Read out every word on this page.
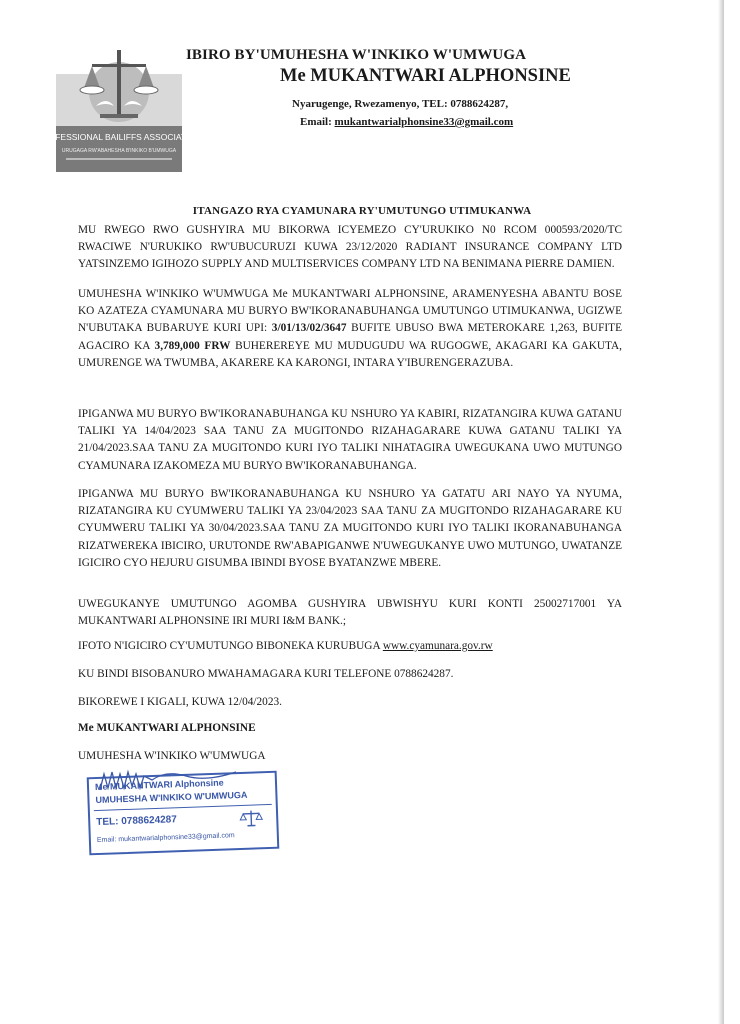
PROFESSIONAL BAILIFFS ASSOCIATION
URUGAGA RW'ABAHESHA B'INKIKO B'UMWUGA
IBIRO BY'UMUHESHA W'INKIKO W'UMWUGA
Me MUKANTWARI ALPHONSINE
Nyarugenge, Rwezamenyo, TEL: 0788624287,
Email: mukantwarialphonsine33@gmail.com
ITANGAZO RYA CYAMUNARA RY'UMUTUNGO UTIMUKANWA
MU RWEGO RWO GUSHYIRA MU BIKORWA ICYEMEZO CY'URUKIKO N0 RCOM 000593/2020/TC RWACIWE N'URUKIKO RW'UBUCURUZI KUWA 23/12/2020 RADIANT INSURANCE COMPANY LTD YATSINZEMO IGIHOZO SUPPLY AND MULTISERVICES COMPANY LTD NA BENIMANA PIERRE DAMIEN.
UMUHESHA W'INKIKO W'UMWUGA Me MUKANTWARI ALPHONSINE, ARAMENYESHA ABANTU BOSE KO AZATEZA CYAMUNARA MU BURYO BW'IKORANABUHANGA UMUTUNGO UTIMUKANWA, UGIZWE N'UBUTAKA BUBARUYE KURI UPI: 3/01/13/02/3647 BUFITE UBUSO BWA METEROKARE 1,263, BUFITE AGACIRO KA 3,789,000 FRW BUHEREREYE MU MUDUGUDU WA RUGOGWE, AKAGARI KA GAKUTA, UMURENGE WA TWUMBA, AKARERE KA KARONGI, INTARA Y'IBURENGERAZUBA.
IPIGANWA MU BURYO BW'IKORANABUHANGA KU NSHURO YA KABIRI, RIZATANGIRA KUWA GATANU TALIKI YA 14/04/2023 SAA TANU ZA MUGITONDO RIZAHAGARARE KUWA GATANU TALIKI YA 21/04/2023.SAA TANU ZA MUGITONDO KURI IYO TALIKI NIHATAGIRA UWEGUKANA UWO MUTUNGO CYAMUNARA IZAKOMEZA MU BURYO BW'IKORANABUHANGA.
IPIGANWA MU BURYO BW'IKORANABUHANGA KU NSHURO YA GATATU ARI NAYO YA NYUMA, RIZATANGIRA KU CYUMWERU TALIKI YA 23/04/2023 SAA TANU ZA MUGITONDO RIZAHAGARARE KU CYUMWERU TALIKI YA 30/04/2023.SAA TANU ZA MUGITONDO KURI IYO TALIKI IKORANABUHANGA RIZATWEREKA IBICIRO, URUTONDE RW'ABAPIGANWE N'UWEGUKANYE UWO MUTUNGO, UWATANZE IGICIRO CYO HEJURU GISUMBA IBINDI BYOSE BYATANZWE MBERE.
UWEGUKANYE UMUTUNGO AGOMBA GUSHYIRA UBWISHYU KURI KONTI 25002717001 YA MUKANTWARI ALPHONSINE IRI MURI I&M BANK.;
IFOTO N'IGICIRO CY'UMUTUNGO BIBONEKA KURUBUGA www.cyamunara.gov.rw
KU BINDI BISOBANURO MWAHAMAGARA KURI TELEFONE 0788624287.
BIKOREWE I KIGALI, KUWA 12/04/2023.
Me MUKANTWARI ALPHONSINE
UMUHESHA W'INKIKO W'UMWUGA
Me MUKANTWARI Alphonsine
UMUHESHA W'INKIKO W'UMWUGA
TEL: 0788624287
Email: mukantwarialphonsine33@gmail.com
